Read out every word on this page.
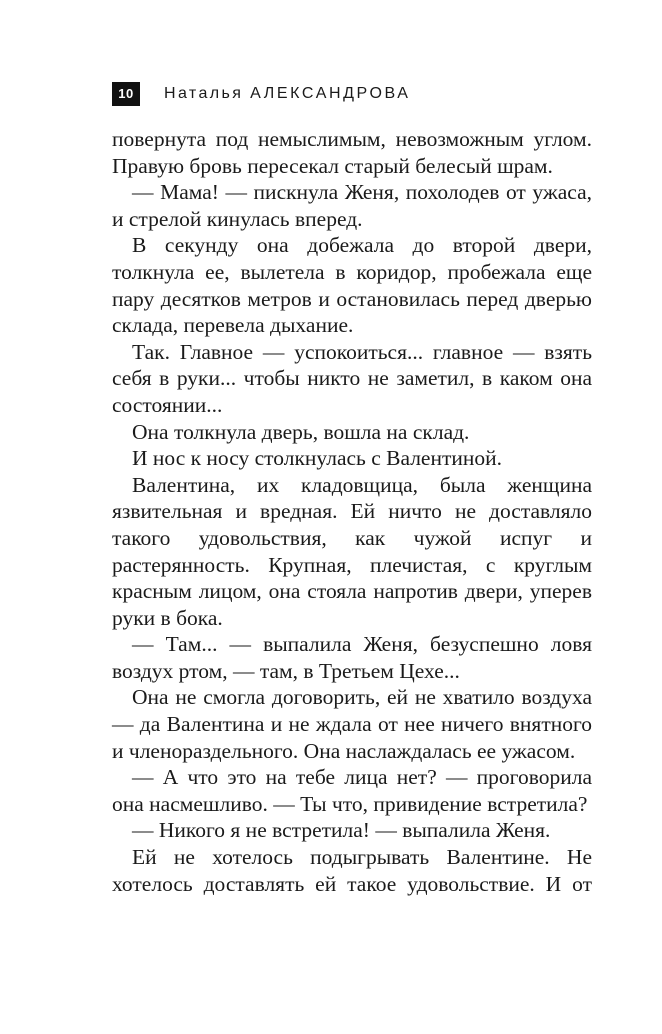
10	Наталья АЛЕКСАНДРОВА

повернута под немыслимым, невозможным углом. Правую бровь пересекал старый белесый шрам.

— Мама! — пискнула Женя, похолодев от ужаса, и стрелой кинулась вперед.

В секунду она добежала до второй двери, толкнула ее, вылетела в коридор, пробежала еще пару десятков метров и остановилась перед дверью склада, перевела дыхание.

Так. Главное — успокоиться... главное — взять себя в руки... чтобы никто не заметил, в каком она состоянии...

Она толкнула дверь, вошла на склад.

И нос к носу столкнулась с Валентиной.

Валентина, их кладовщица, была женщина язвительная и вредная. Ей ничто не доставляло такого удовольствия, как чужой испуг и растерянность. Крупная, плечистая, с круглым красным лицом, она стояла напротив двери, уперев руки в бока.

— Там... — выпалила Женя, безуспешно ловя воздух ртом, — там, в Третьем Цехе...

Она не смогла договорить, ей не хватило воздуха — да Валентина и не ждала от нее ничего внятного и членораздельного. Она наслаждалась ее ужасом.

— А что это на тебе лица нет? — проговорила она насмешливо. — Ты что, привидение встретила?

— Никого я не встретила! — выпалила Женя.

Ей не хотелось подыгрывать Валентине. Не хотелось доставлять ей такое удовольствие. И от
